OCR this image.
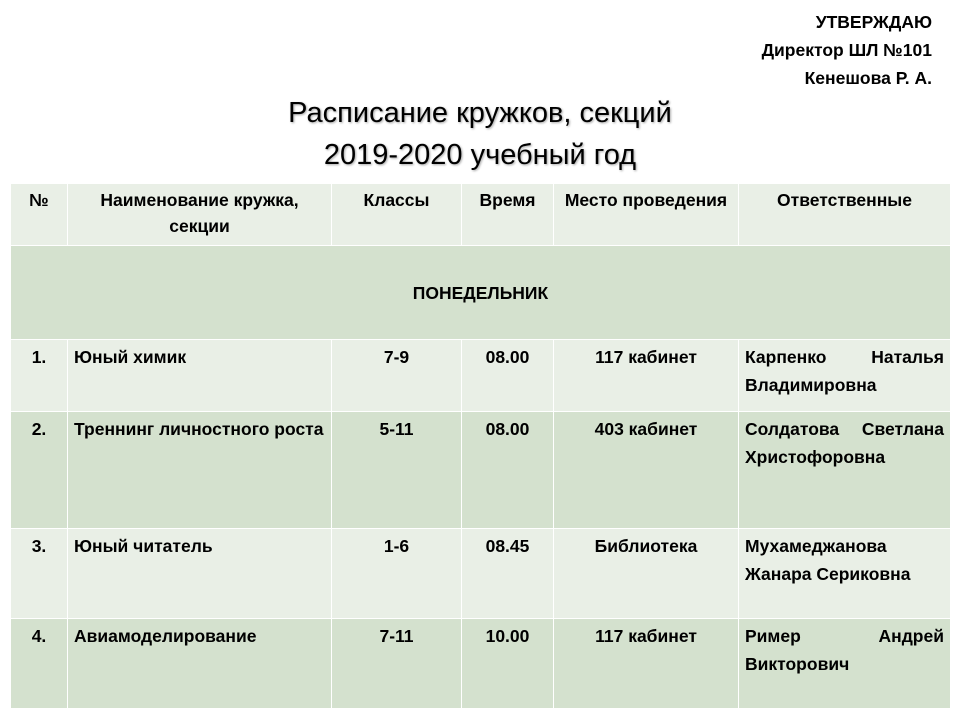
УТВЕРЖДАЮ
Директор ШЛ №101
Кенешова Р. А.
Расписание кружков, секций
2019-2020 учебный год
№	Наименование кружка, секции	Классы	Время	Место проведения	Ответственные
ПОНЕДЕЛЬНИК					
1.	Юный химик	7-9	08.00	117 кабинет	Карпенко Наталья Владимировна
2.	Треннинг личностного роста	5-11	08.00	403 кабинет	Солдатова Светлана Христофоровна
3.	Юный читатель	1-6	08.45	Библиотека	Мухамеджанова Жанара Сериковна
4.	Авиамоделирование	7-11	10.00	117 кабинет	Ример Андрей Викторович
